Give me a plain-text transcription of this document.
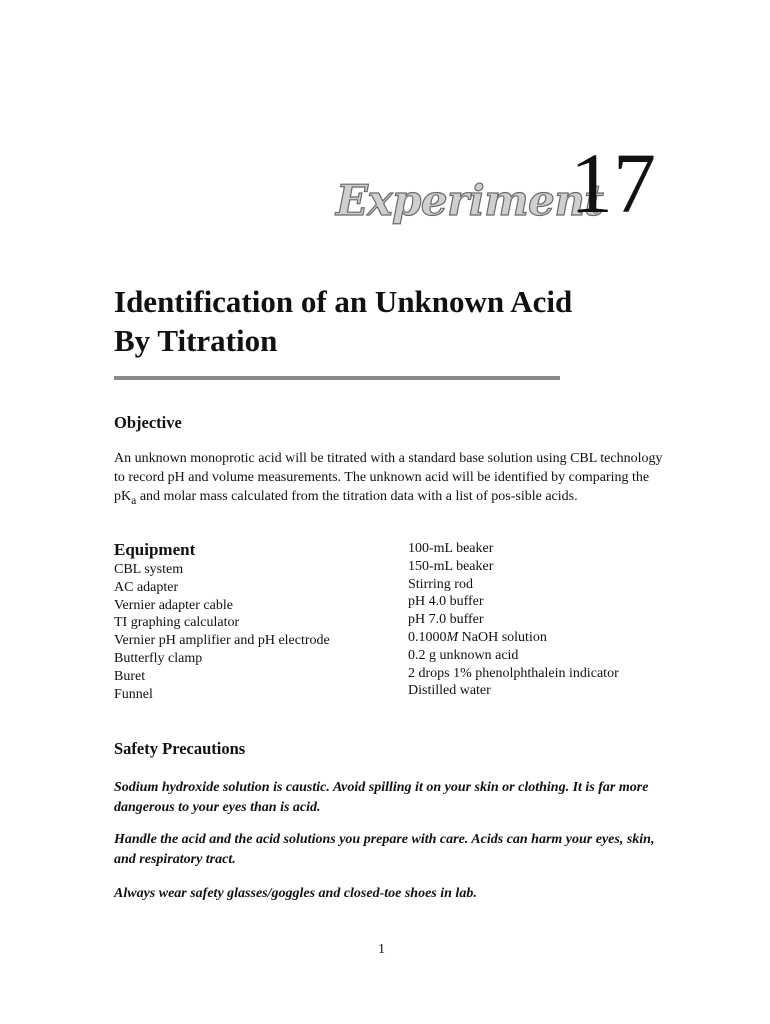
Experiment
17
Identification of an Unknown Acid
By Titration
Objective

An unknown monoprotic acid will be titrated with a standard base solution using CBL technology to record pH and volume measurements. The unknown acid will be identified by comparing the $pK_a$ and molar mass calculated from the titration data with a list of pos-sible acids.

Equipment
CBL system
AC adapter
Vernier adapter cable
TI graphing calculator
Vernier pH amplifier and pH electrode
Butterfly clamp
Buret
Funnel
100-mL beaker
150-mL beaker
Stirring rod
pH 4.0 buffer
pH 7.0 buffer
0.1000M NaOH solution
0.2 g unknown acid
2 drops 1% phenolphthalein indicator
Distilled water
Safety Precautions

Sodium hydroxide solution is caustic. Avoid spilling it on your skin or clothing. It is far more dangerous to your eyes than is acid.

Handle the acid and the acid solutions you prepare with care. Acids can harm your eyes, skin, and respiratory tract.

Always wear safety glasses/goggles and closed-toe shoes in lab.

1
